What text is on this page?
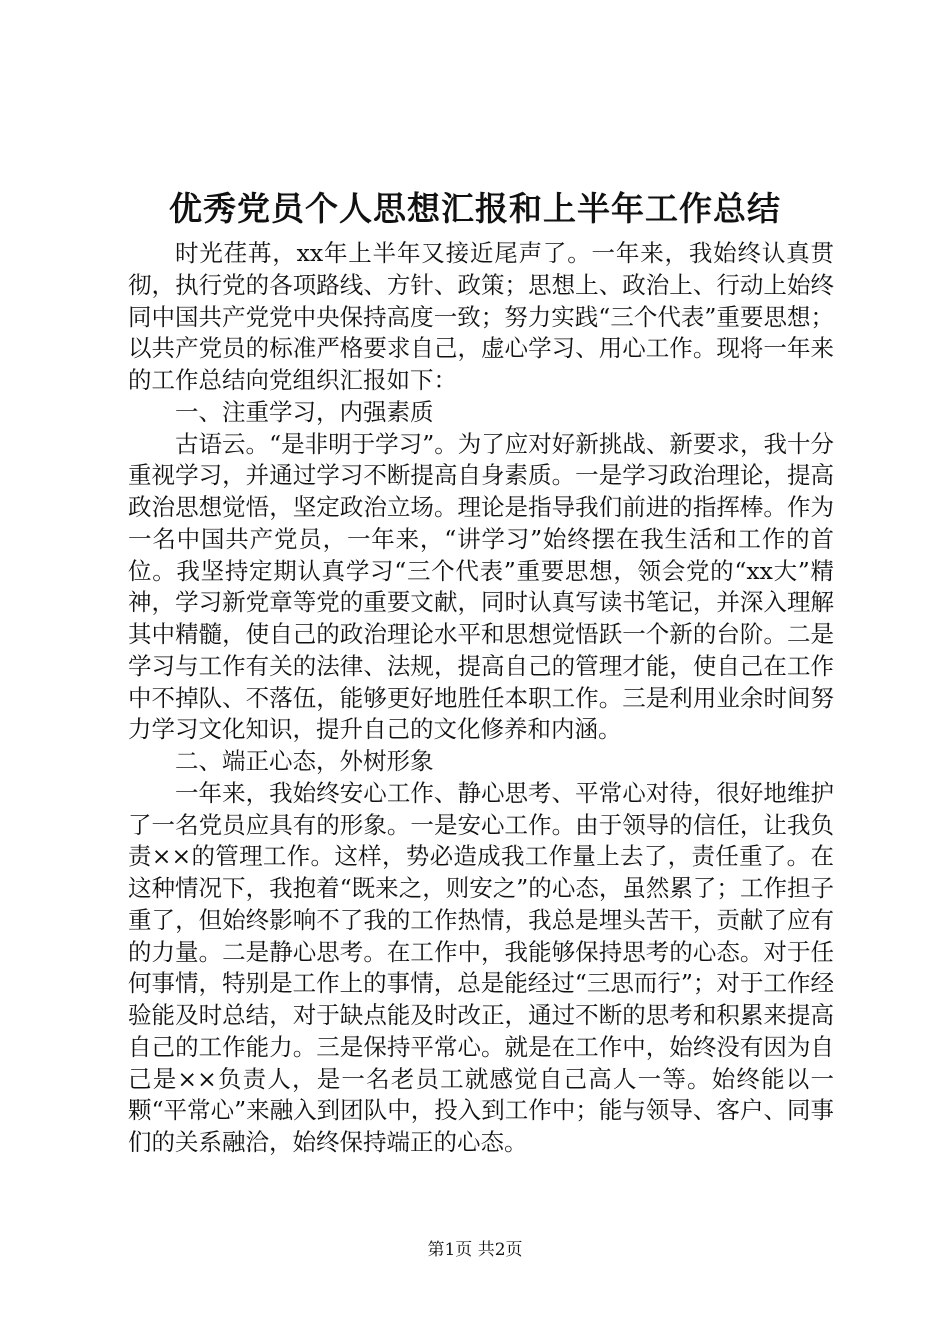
优秀党员个人思想汇报和上半年工作总结

时光荏苒，xx年上半年又接近尾声了。一年来，我始终认真贯彻，执行党的各项路线、方针、政策；思想上、政治上、行动上始终同中国共产党党中央保持高度一致；努力实践“三个代表”重要思想；以共产党员的标准严格要求自己，虚心学习、用心工作。现将一年来的工作总结向党组织汇报如下：

一、注重学习，内强素质

古语云。“是非明于学习”。为了应对好新挑战、新要求，我十分重视学习，并通过学习不断提高自身素质。一是学习政治理论，提高政治思想觉悟，坚定政治立场。理论是指导我们前进的指挥棒。作为一名中国共产党员，一年来，“讲学习”始终摆在我生活和工作的首位。我坚持定期认真学习“三个代表”重要思想，领会党的“xx大”精神，学习新党章等党的重要文献，同时认真写读书笔记，并深入理解其中精髓，使自己的政治理论水平和思想觉悟跃一个新的台阶。二是学习与工作有关的法律、法规，提高自己的管理才能，使自己在工作中不掉队、不落伍，能够更好地胜任本职工作。三是利用业余时间努力学习文化知识，提升自己的文化修养和内涵。

二、端正心态，外树形象

一年来，我始终安心工作、静心思考、平常心对待，很好地维护了一名党员应具有的形象。一是安心工作。由于领导的信任，让我负责××的管理工作。这样，势必造成我工作量上去了，责任重了。在这种情况下，我抱着“既来之，则安之”的心态，虽然累了；工作担子重了，但始终影响不了我的工作热情，我总是埋头苦干，贡献了应有的力量。二是静心思考。在工作中，我能够保持思考的心态。对于任何事情，特别是工作上的事情，总是能经过“三思而行”；对于工作经验能及时总结，对于缺点能及时改正，通过不断的思考和积累来提高自己的工作能力。三是保持平常心。就是在工作中，始终没有因为自己是××负责人，是一名老员工就感觉自己高人一等。始终能以一颗“平常心”来融入到团队中，投入到工作中；能与领导、客户、同事们的关系融洽，始终保持端正的心态。

第1页 共2页
